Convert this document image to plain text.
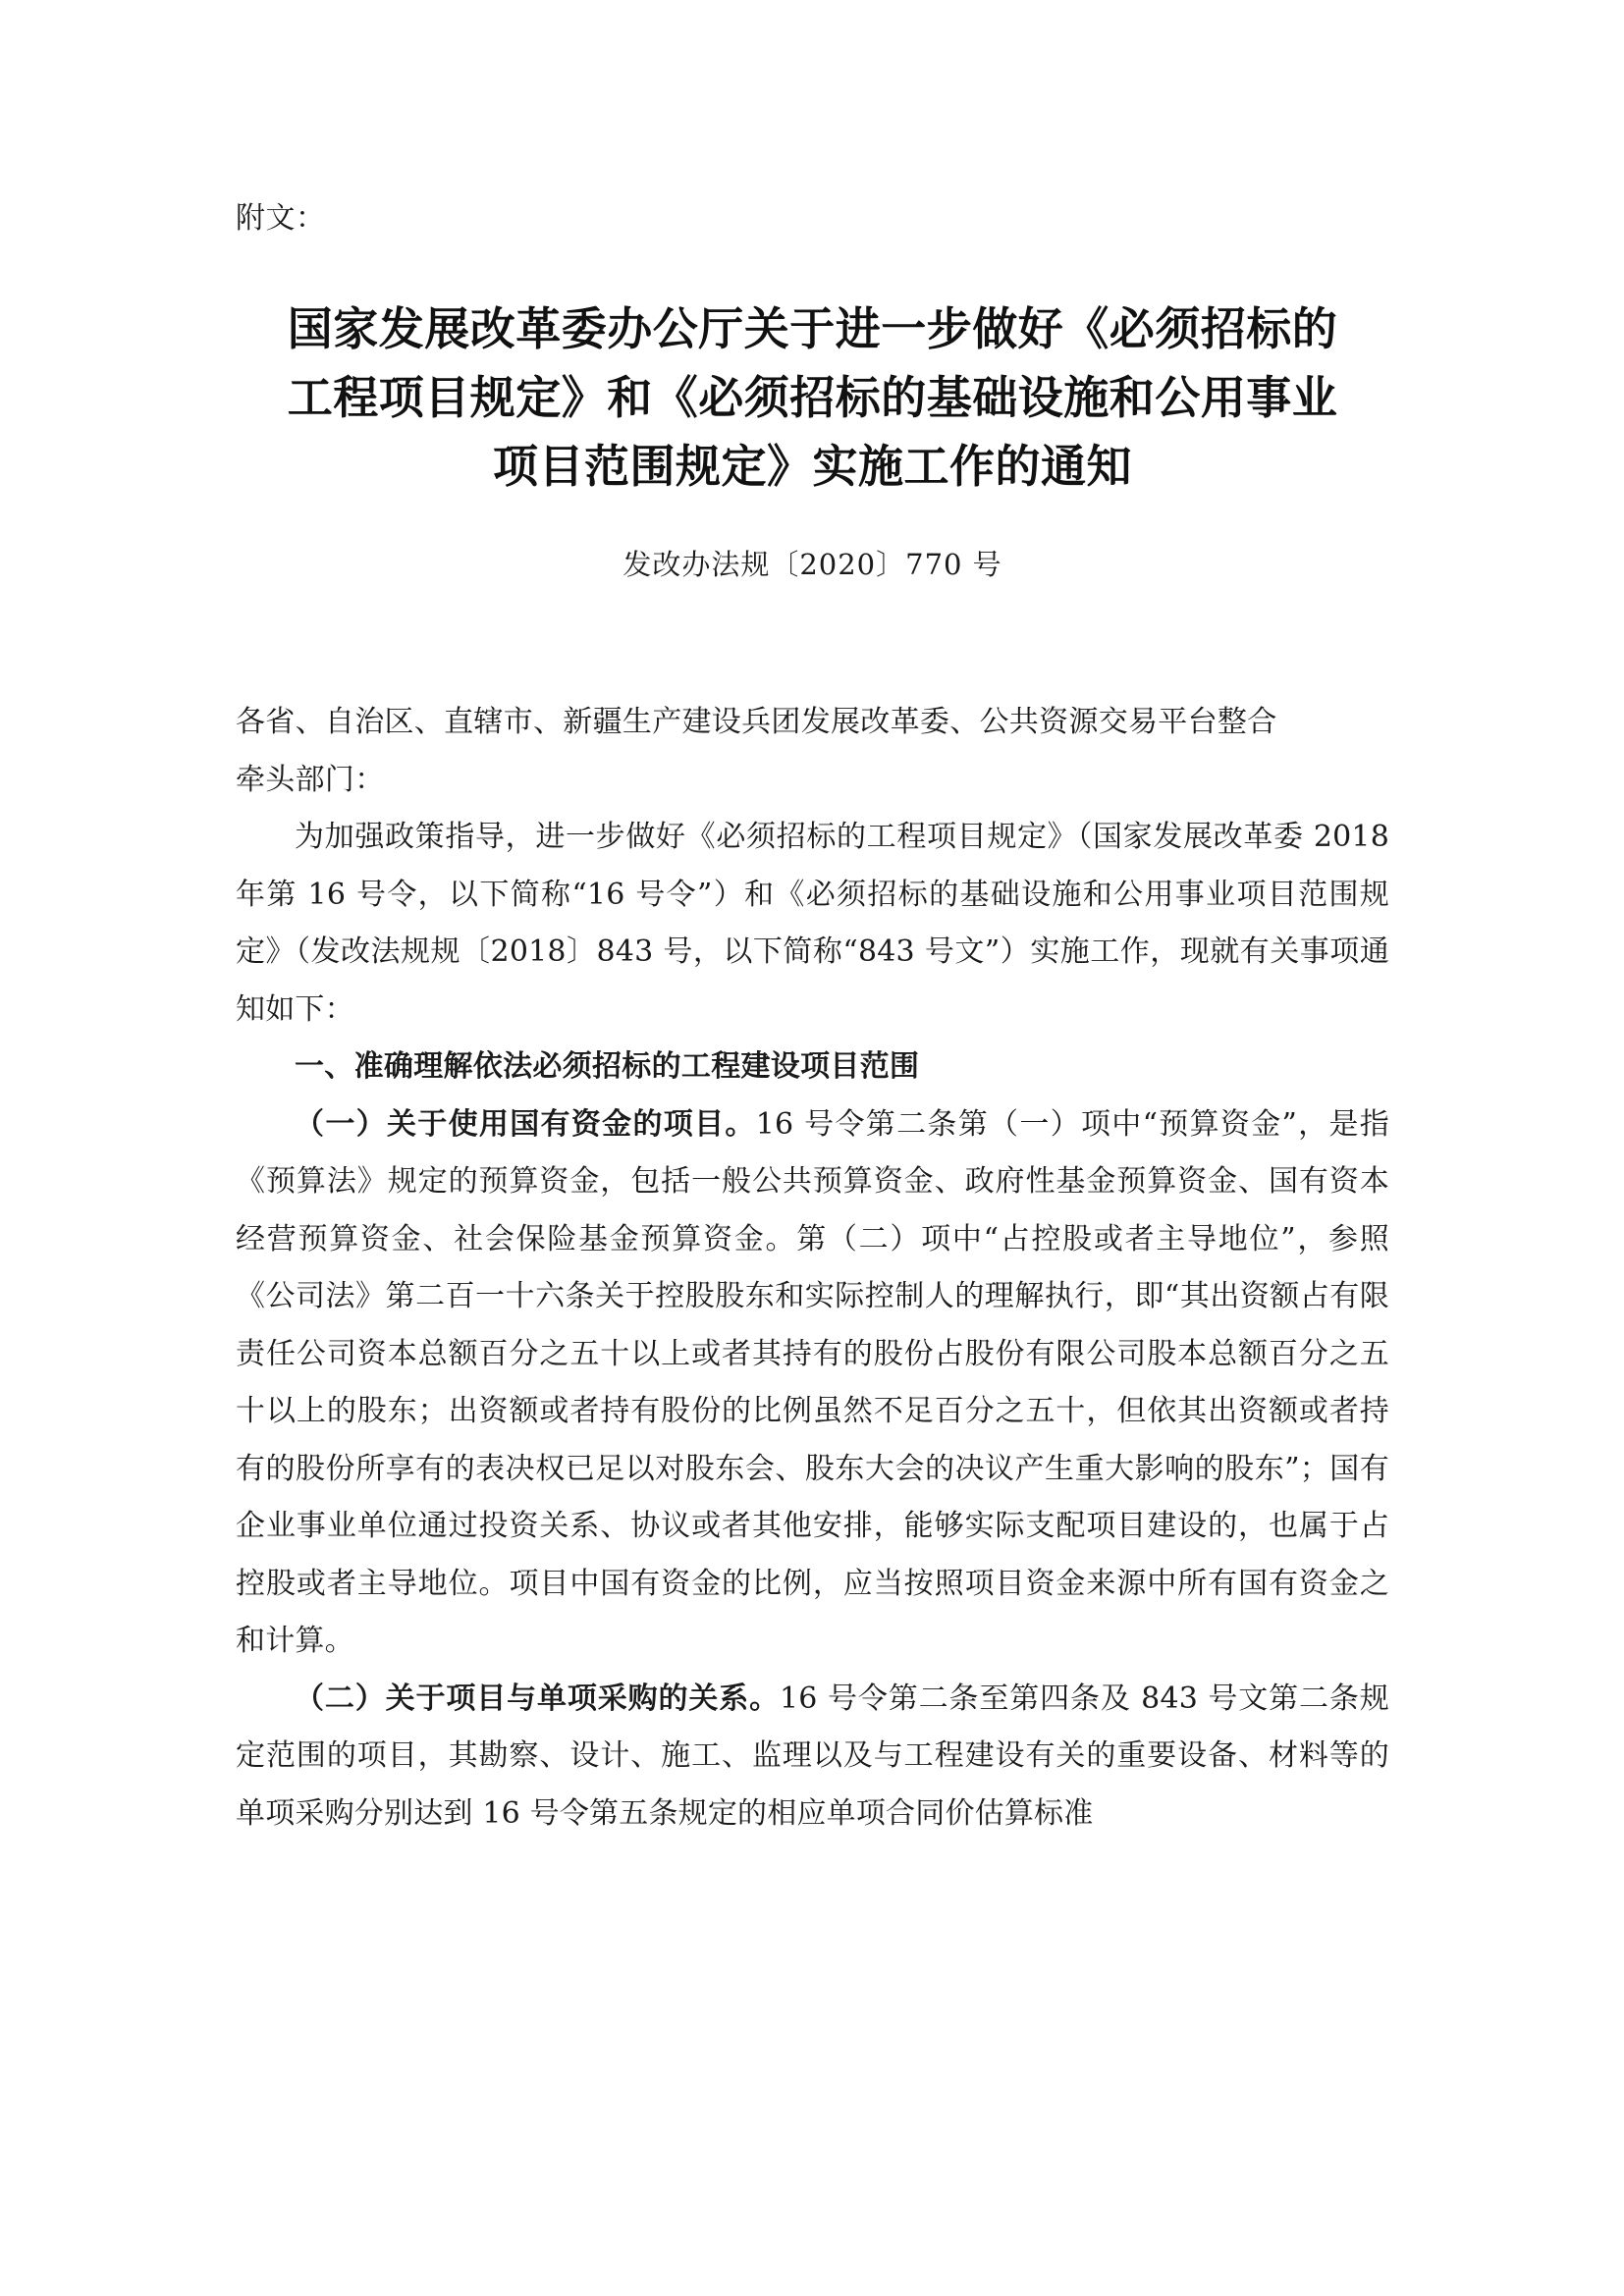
附文：
国家发展改革委办公厅关于进一步做好《必须招标的
工程项目规定》和《必须招标的基础设施和公用事业
项目范围规定》实施工作的通知
发改办法规〔2020〕770 号
各省、自治区、直辖市、新疆生产建设兵团发展改革委、公共资源交易平台整合
牵头部门：

为加强政策指导，进一步做好《必须招标的工程项目规定》（国家发展改革委 2018 年第 16 号令，以下简称“16 号令”）和《必须招标的基础设施和公用事业项目范围规定》（发改法规规〔2018〕843 号，以下简称“843 号文”）实施工作，现就有关事项通知如下：

一、准确理解依法必须招标的工程建设项目范围

（一）关于使用国有资金的项目。16 号令第二条第（一）项中“预算资金”，是指《预算法》规定的预算资金，包括一般公共预算资金、政府性基金预算资金、国有资本经营预算资金、社会保险基金预算资金。第（二）项中“占控股或者主导地位”，参照《公司法》第二百一十六条关于控股股东和实际控制人的理解执行，即“其出资额占有限责任公司资本总额百分之五十以上或者其持有的股份占股份有限公司股本总额百分之五十以上的股东；出资额或者持有股份的比例虽然不足百分之五十，但依其出资额或者持有的股份所享有的表决权已足以对股东会、股东大会的决议产生重大影响的股东”；国有企业事业单位通过投资关系、协议或者其他安排，能够实际支配项目建设的，也属于占控股或者主导地位。项目中国有资金的比例，应当按照项目资金来源中所有国有资金之和计算。

（二）关于项目与单项采购的关系。16 号令第二条至第四条及 843 号文第二条规定范围的项目，其勘察、设计、施工、监理以及与工程建设有关的重要设备、材料等的单项采购分别达到 16 号令第五条规定的相应单项合同价估算标准
